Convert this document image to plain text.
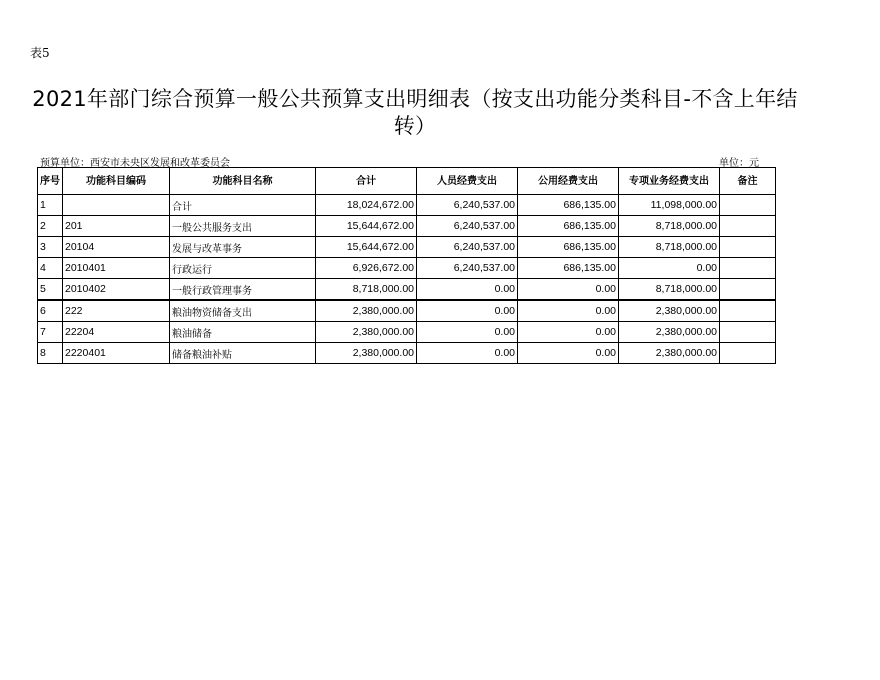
表5
2021年部门综合预算一般公共预算支出明细表（按支出功能分类科目-不含上年结转）
预算单位：西安市未央区发展和改革委员会	单位：元
序号	功能科目编码	功能科目名称	合计	人员经费支出	公用经费支出	专项业务经费支出	备注
1		合计	18,024,672.00	6,240,537.00	686,135.00	11,098,000.00	
2	201	一般公共服务支出	15,644,672.00	6,240,537.00	686,135.00	8,718,000.00	
3	20104	发展与改革事务	15,644,672.00	6,240,537.00	686,135.00	8,718,000.00	
4	2010401	行政运行	6,926,672.00	6,240,537.00	686,135.00	0.00	
5	2010402	一般行政管理事务	8,718,000.00	0.00	0.00	8,718,000.00	
6	222	粮油物资储备支出	2,380,000.00	0.00	0.00	2,380,000.00	
7	22204	粮油储备	2,380,000.00	0.00	0.00	2,380,000.00	
8	2220401	储备粮油补贴	2,380,000.00	0.00	0.00	2,380,000.00	
